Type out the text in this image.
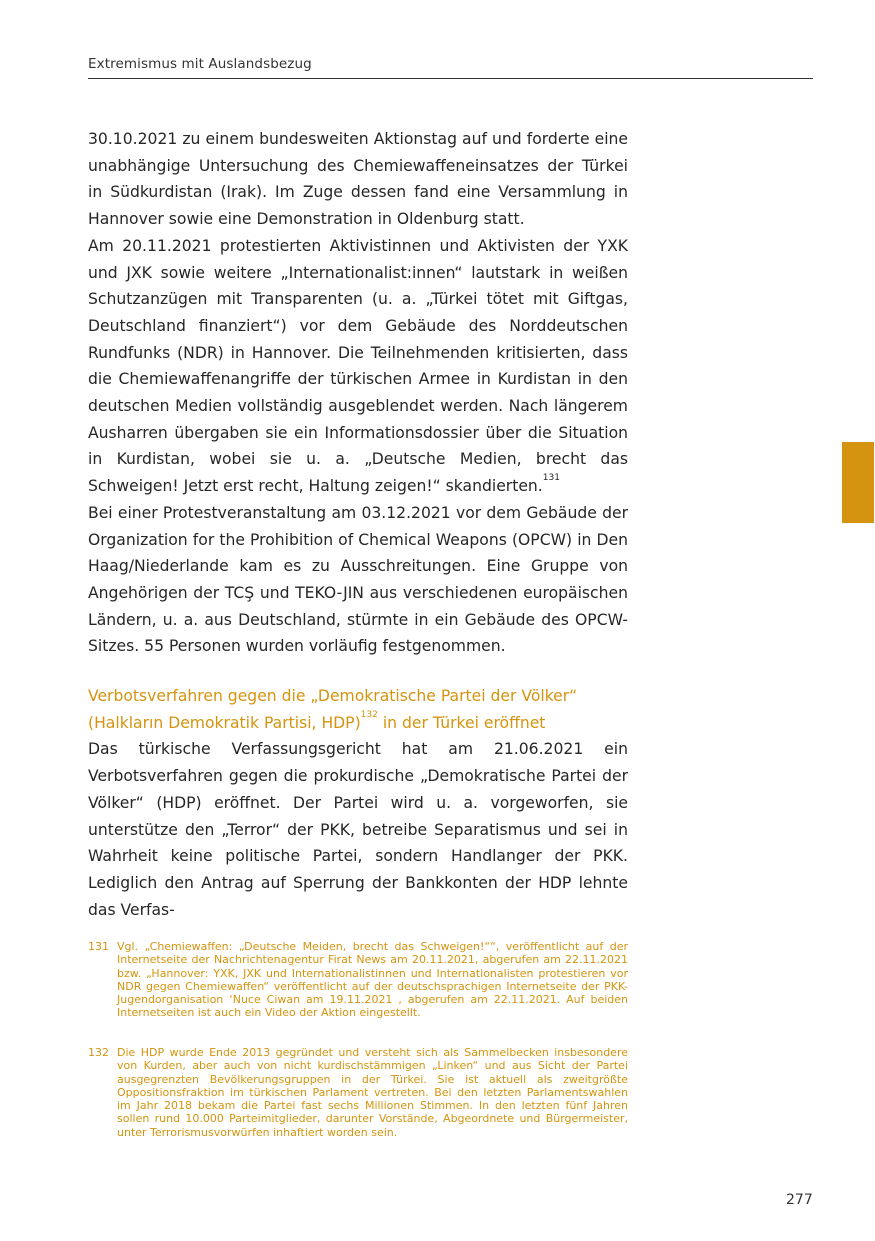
Extremismus mit Auslandsbezug

30.10.2021 zu einem bundesweiten Aktionstag auf und forderte eine unabhängige Untersuchung des Chemiewaffeneinsatzes der Türkei in Südkurdistan (Irak). Im Zuge dessen fand eine Versammlung in Hannover sowie eine Demonstration in Oldenburg statt.

Am 20.11.2021 protestierten Aktivistinnen und Aktivisten der YXK und JXK sowie weitere „Internationalist:innen“ lautstark in weißen Schutzanzügen mit Transparenten (u. a. „Türkei tötet mit Giftgas, Deutschland finanziert“) vor dem Gebäude des Norddeutschen Rundfunks (NDR) in Hannover. Die Teilnehmenden kritisierten, dass die Chemiewaffenangriffe der türkischen Armee in Kurdistan in den deutschen Medien vollständig ausgeblendet werden. Nach längerem Ausharren übergaben sie ein Informationsdossier über die Situation in Kurdistan, wobei sie u. a. „Deutsche Medien, brecht das Schweigen! Jetzt erst recht, Haltung zeigen!“ skandierten.$^{131}$

Bei einer Protestveranstaltung am 03.12.2021 vor dem Gebäude der Organization for the Prohibition of Chemical Weapons (OPCW) in Den Haag/Niederlande kam es zu Ausschreitungen. Eine Gruppe von Angehörigen der TCŞ und TEKO-JIN aus verschiedenen europäischen Ländern, u. a. aus Deutschland, stürmte in ein Gebäude des OPCW-Sitzes. 55 Personen wurden vorläufig festgenommen.

Verbotsverfahren gegen die „Demokratische Partei der Völker“ (Halkların Demokratik Partisi, HDP)$^{132}$ in der Türkei eröffnet

Das türkische Verfassungsgericht hat am 21.06.2021 ein Verbotsverfahren gegen die prokurdische „Demokratische Partei der Völker“ (HDP) eröffnet. Der Partei wird u. a. vorgeworfen, sie unterstütze den „Terror“ der PKK, betreibe Separatismus und sei in Wahrheit keine politische Partei, sondern Handlanger der PKK. Lediglich den Antrag auf Sperrung der Bankkonten der HDP lehnte das Verfas-

131 Vgl. „Chemiewaffen: „Deutsche Meiden, brecht das Schweigen!““, veröffentlicht auf der Internetseite der Nachrichtenagentur Firat News am 20.11.2021, abgerufen am 22.11.2021 bzw. „Hannover: YXK, JXK und Internationalistinnen und Internationalisten protestieren vor NDR gegen Chemiewaffen“ veröffentlicht auf der deutschsprachigen Internetseite der PKK-Jugendorganisation ‘Nuce Ciwan am 19.11.2021 , abgerufen am 22.11.2021. Auf beiden Internetseiten ist auch ein Video der Aktion eingestellt.
132 Die HDP wurde Ende 2013 gegründet und versteht sich als Sammelbecken insbesondere von Kurden, aber auch von nicht kurdischstämmigen „Linken“ und aus Sicht der Partei ausgegrenzten Bevölkerungsgruppen in der Türkei. Sie ist aktuell als zweitgrößte Oppositionsfraktion im türkischen Parlament vertreten. Bei den letzten Parlamentswahlen im Jahr 2018 bekam die Partei fast sechs Millionen Stimmen. In den letzten fünf Jahren sollen rund 10.000 Parteimitglieder, darunter Vorstände, Abgeordnete und Bürgermeister, unter Terrorismusvorwürfen inhaftiert worden sein.
277
